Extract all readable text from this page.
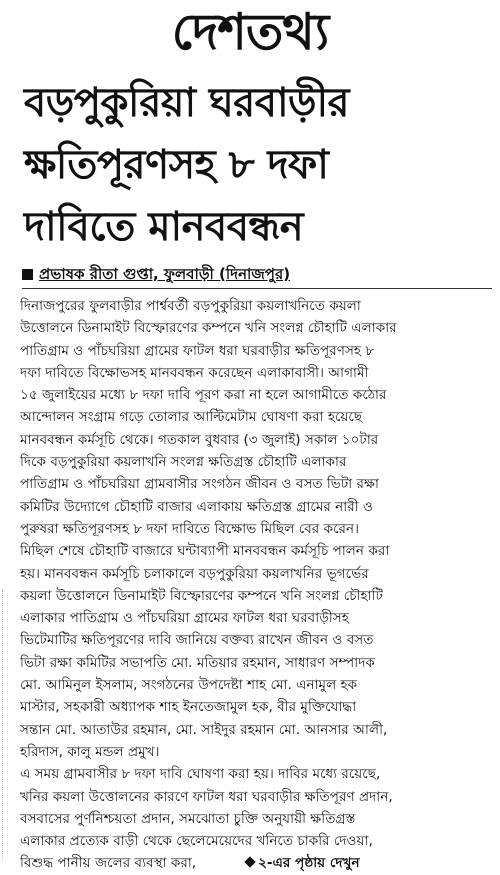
দেশতথ্য
বড়পুকুরিয়া ঘরবাড়ীর
ক্ষতিপূরণসহ ৮ দফা
দাবিতে মানববন্ধন
প্রভাষক রীতা গুপ্তা, ফুলবাড়ী (দিনাজপুর)

দিনাজপুরের ফুলবাড়ীর পার্শ্ববর্তী বড়পুকুরিয়া কয়লাখনিতে কয়লা

উত্তোলনে ডিনামাইট বিস্ফোরণের কম্পনে খনি সংলগ্ন চৌহাটি এলাকার

পাতিগ্রাম ও পাঁচঘরিয়া গ্রামের ফাটল ধরা ঘরবাড়ীর ক্ষতিপূরণসহ ৮

দফা দাবিতে বিক্ষোভসহ মানববন্ধন করেছেন এলাকাবাসী। আগামী

১৫ জুলাইয়ের মধ্যে ৮ দফা দাবি পূরণ করা না হলে আগামীতে কঠোর

আন্দোলন সংগ্রাম গড়ে তোলার আল্টিমেটাম ঘোষণা করা হয়েছে

মানববন্ধন কর্মসূচি থেকে। গতকাল বুধবার (৩ জুলাই) সকাল ১০টার

দিকে বড়পুকুরিয়া কয়লাখনি সংলগ্ন ক্ষতিগ্রস্ত চৌহাটি এলাকার

পাতিগ্রাম ও পাঁচঘরিয়া গ্রামবাসীর সংগঠন জীবন ও বসত ভিটা রক্ষা

কমিটির উদ্যোগে চৌহাটি বাজার এলাকায় ক্ষতিগ্রস্ত গ্রামের নারী ও

পুরুষরা ক্ষতিপূরণসহ ৮ দফা দাবিতে বিক্ষোভ মিছিল বের করেন।

মিছিল শেষে চৌহাটি বাজারে ঘন্টাব্যাপী মানববন্ধন কর্মসূচি পালন করা

হয়। মানববন্ধন কর্মসূচি চলাকালে বড়পুকুরিয়া কয়লাখনির ভূগর্ভের

কয়লা উত্তোলনে ডিনামাইট বিস্ফোরণের কম্পনে খনি সংলগ্ন চৌহাটি

এলাকার পাতিগ্রাম ও পাঁচঘরিয়া গ্রামের ফাটল ধরা ঘরবাড়ীসহ

ভিটেমাটির ক্ষতিপূরণের দাবি জানিয়ে বক্তব্য রাখেন জীবন ও বসত

ভিটা রক্ষা কমিটির সভাপতি মো. মতিয়ার রহমান, সাধারণ সম্পাদক

মো. আমিনুল ইসলাম, সংগঠনের উপদেষ্টা শাহ মো. এনামুল হক

মাস্টার, সহকারী অধ্যাপক শাহ ইনতেজামুল হক, বীর মুক্তিযোদ্ধা

সন্তান মো. আতাউর রহমান, মো. সাইদুর রহমান মো. আনসার আলী,

হরিদাস, কালু মন্ডল প্রমুখ।

এ সময় গ্রামবাসীর ৮ দফা দাবি ঘোষণা করা হয়। দাবির মধ্যে রয়েছে,

খনির কয়লা উত্তোলনের কারণে ফাটল ধরা ঘরবাড়ীর ক্ষতিপূরণ প্রদান,

বসবাসের পুর্ণনিশ্চয়তা প্রদান, সমঝোতা চুক্তি অনুযায়ী ক্ষতিগ্রস্ত

এলাকার প্রত্যেক বাড়ী থেকে ছেলেমেয়েদের খনিতে চাকরি দেওয়া,

বিশুদ্ধ পানীয় জলের ব্যবস্থা করা,	২-এর পৃষ্ঠায় দেখুন
